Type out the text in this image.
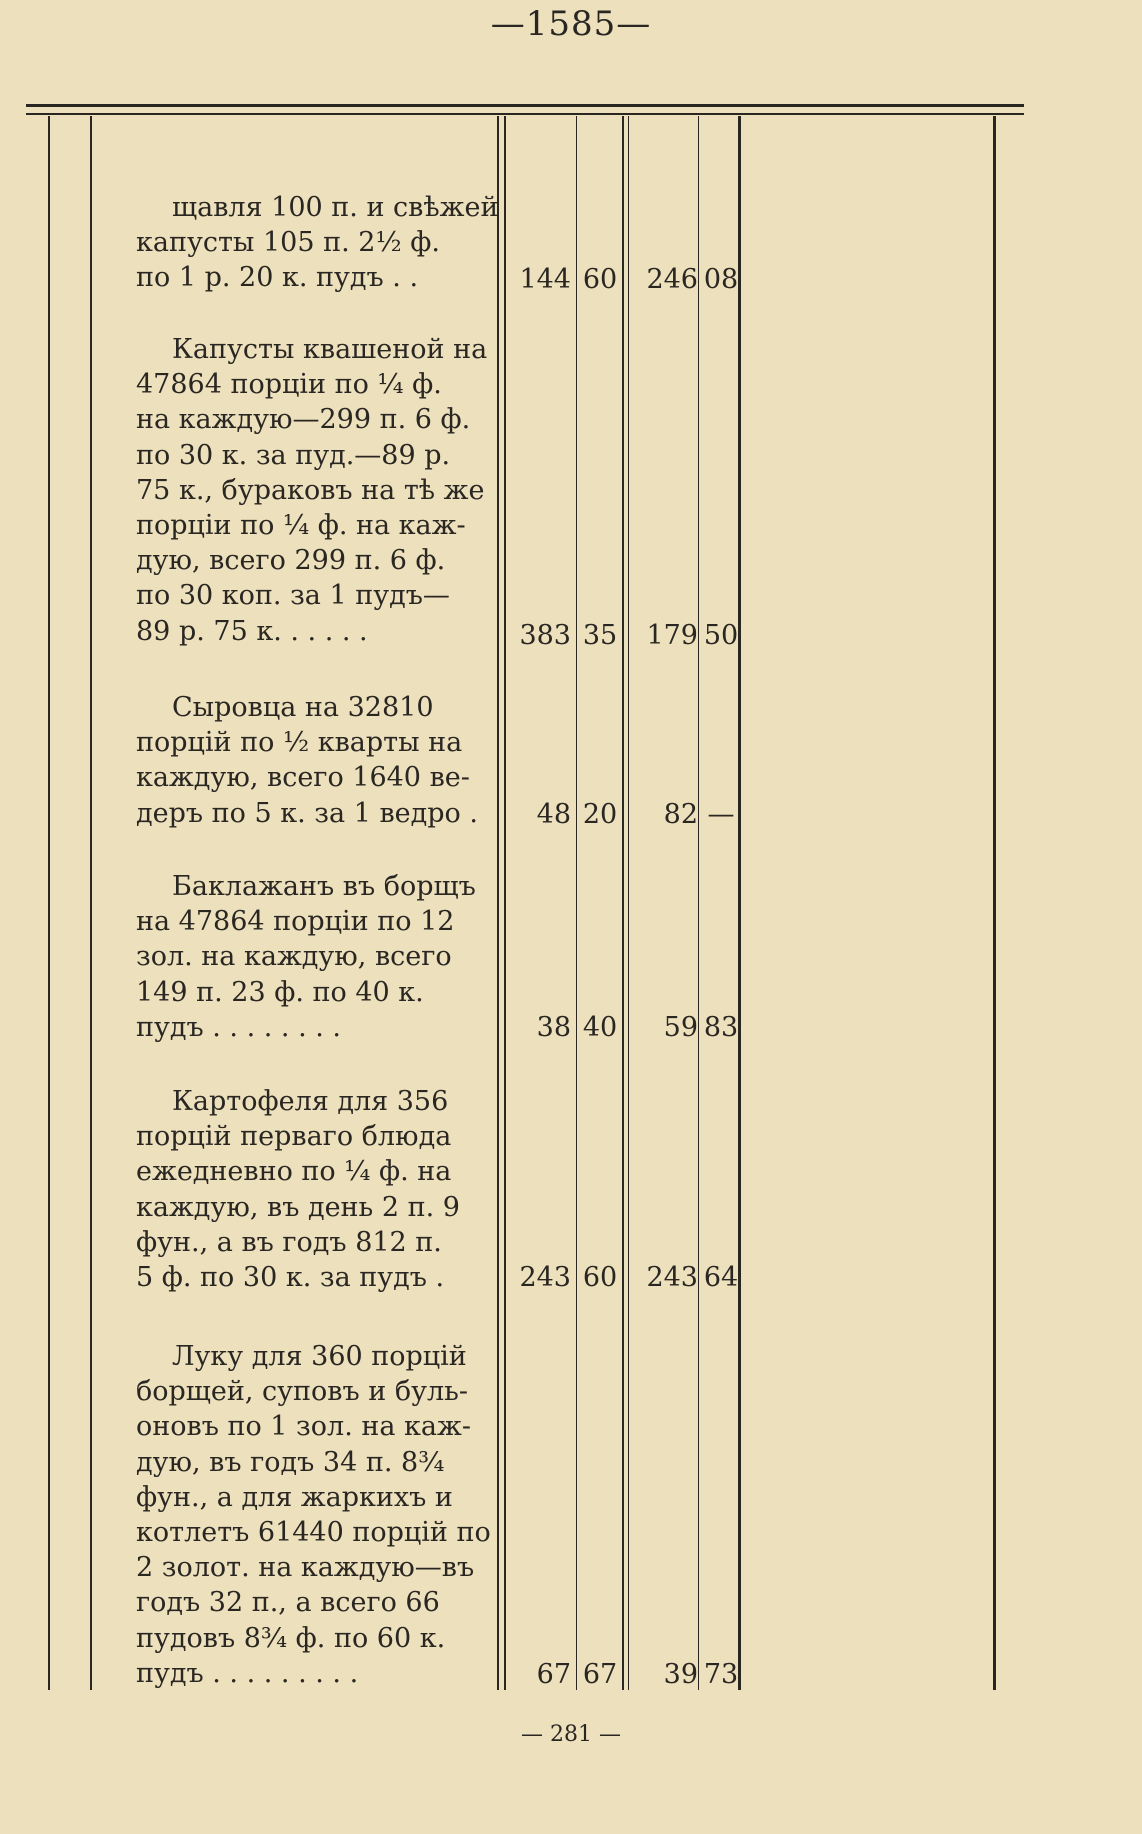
—1585—
щавля 100 п. и свѣжей
капусты 105 п. 2½ ф.
по 1 р. 20 к. пудъ . .	144 60 246 08
Капусты квашеной на
47864 порціи по ¼ ф.
на каждую—299 п. 6 ф.
по 30 к. за пуд.—89 р.
75 к., бураковъ на тѣ же
порціи по ¼ ф. на каж-
дую, всего 299 п. 6 ф.
по 30 коп. за 1 пудъ—
89 р. 75 к. . . . . .	383 35 179 50
Сыровца на 32810
порцій по ½ кварты на
каждую, всего 1640 ве-
деръ по 5 к. за 1 ведро .	48 20 82 —
Баклажанъ въ борщъ
на 47864 порціи по 12
зол. на каждую, всего
149 п. 23 ф. по 40 к.
пудъ . . . . . . . .	38 40 59 83
Картофеля для 356
порцій перваго блюда
ежедневно по ¼ ф. на
каждую, въ день 2 п. 9
фун., а въ годъ 812 п.
5 ф. по 30 к. за пудъ .	243 60 243 64
Луку для 360 порцій
борщей, суповъ и буль-
оновъ по 1 зол. на каж-
дую, въ годъ 34 п. 8¾
фун., а для жаркихъ и
котлетъ 61440 порцій по
2 золот. на каждую—въ
годъ 32 п., а всего 66
пудовъ 8¾ ф. по 60 к.
пудъ . . . . . . . . .	67 67 39 73
— 281 —
